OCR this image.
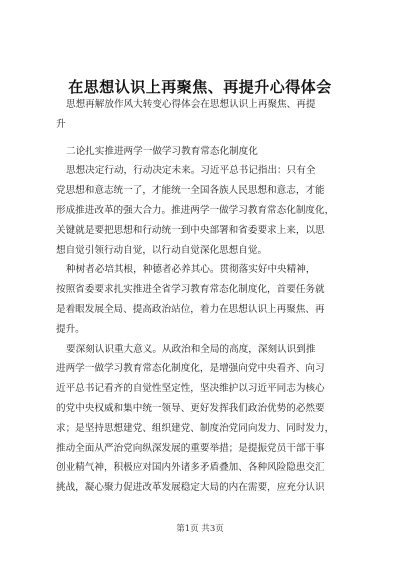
在思想认识上再聚焦、再提升心得体会
思想再解放作风大转变心得体会在思想认识上再聚焦、再提
升
二论扎实推进两学一做学习教育常态化制度化
思想决定行动，行动决定未来。习近平总书记指出：只有全
党思想和意志统一了，才能统一全国各族人民思想和意志，才能
形成推进改革的强大合力。推进两学一做学习教育常态化制度化，
关键就是要把思想和行动统一到中央部署和省委要求上来，以思
想自觉引领行动自觉，以行动自觉深化思想自觉。
种树者必培其根，种德者必养其心。贯彻落实好中央精神，
按照省委要求扎实推进全省学习教育常态化制度化，首要任务就
是着眼发展全局、提高政治站位，着力在思想认识上再聚焦、再
提升。
要深刻认识重大意义。从政治和全局的高度，深刻认识到推
进两学一做学习教育常态化制度化，是增强向党中央看齐、向习
近平总书记看齐的自觉性坚定性，坚决维护以习近平同志为核心
的党中央权威和集中统一领导、更好发挥我们政治优势的必然要
求；是坚持思想建党、组织建党、制度治党同向发力、同时发力，
推动全面从严治党向纵深发展的重要举措；是提振党员干部干事
创业精气神，积极应对国内外诸多矛盾叠加、各种风险隐患交汇
挑战，凝心聚力促进改革发展稳定大局的内在需要，应充分认识
第1页 共3页
